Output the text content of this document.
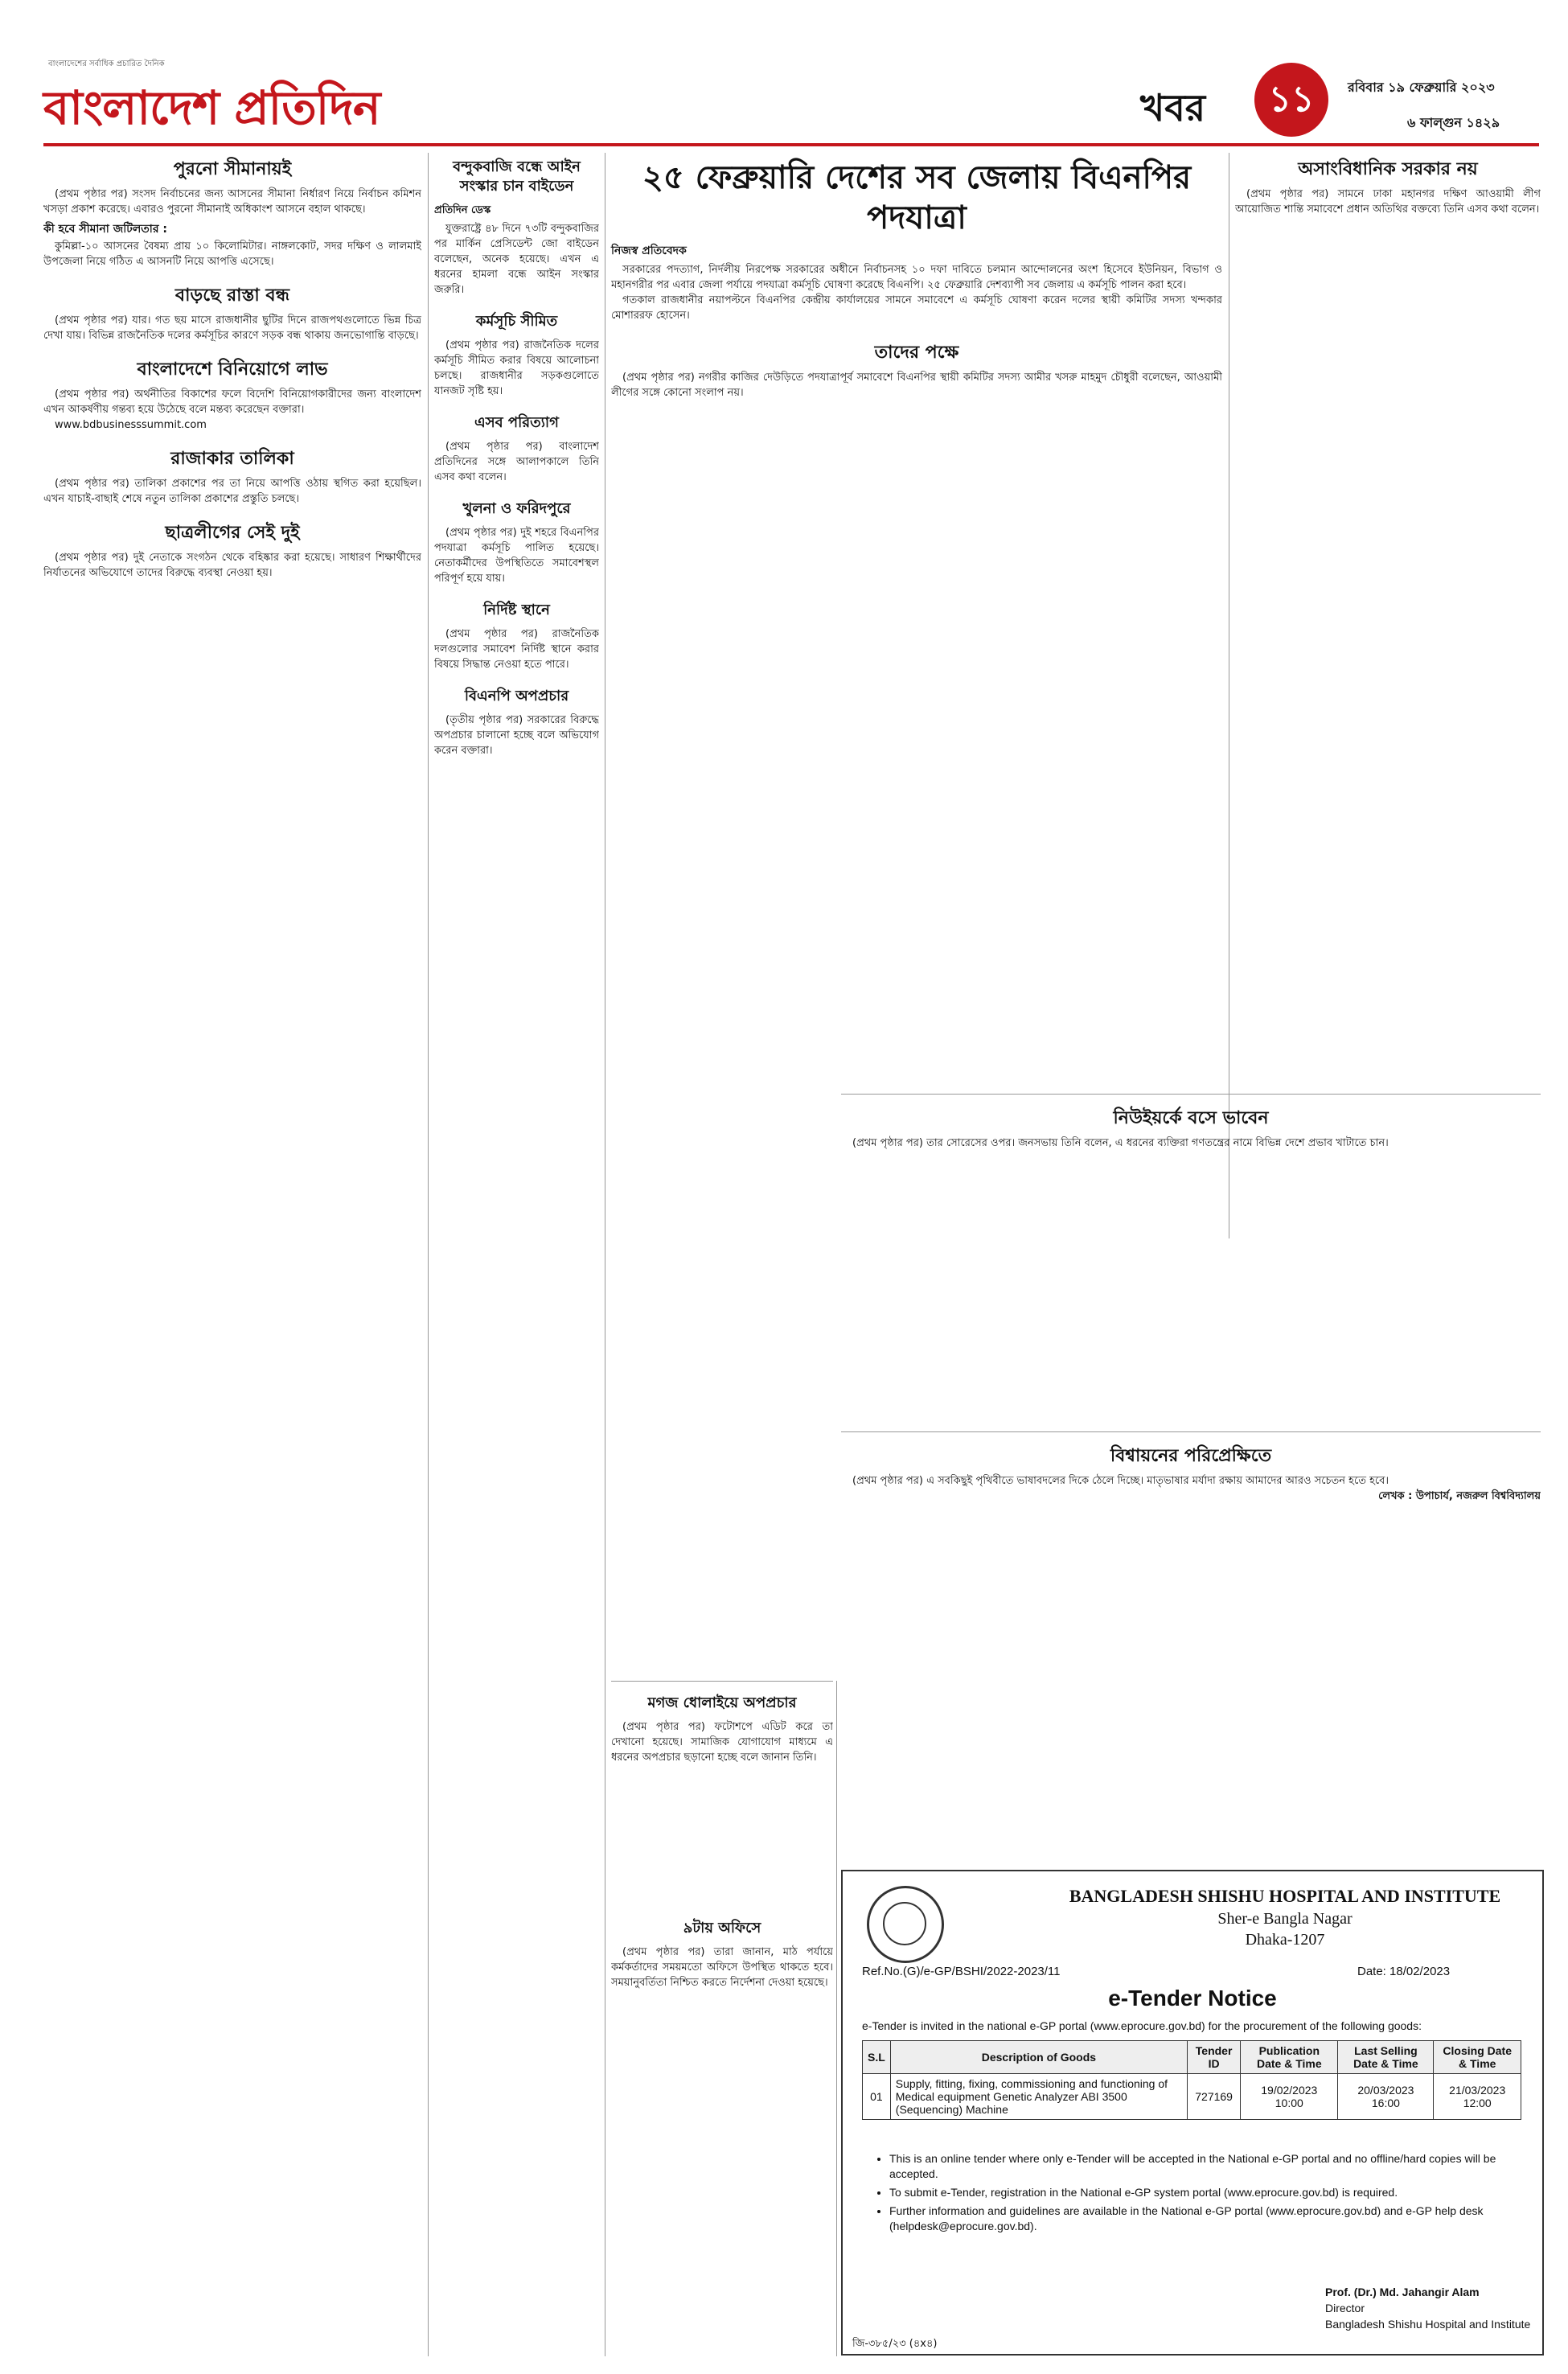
বাংলাদেশের সর্বাধিক প্রচারিত দৈনিক
বাংলাদেশ প্রতিদিন	খবর	১১	রবিবার ১৯ ফেব্রুয়ারি ২০২৩
৬ ফাল্গুন ১৪২৯
২৫ ফেব্রুয়ারি দেশের সব জেলায় বিএনপির পদযাত্রা
নিজস্ব প্রতিবেদক
পুরনো সীমানায়ই

(প্রথম পৃষ্ঠার পর) সংসদ নির্বাচনের জন্য আসনের সীমানা নির্ধারণ নিয়ে নির্বাচন কমিশন খসড়া প্রকাশ করেছে। এবারও পুরনো সীমানাই অধিকাংশ আসনে বহাল থাকছে।

কী হবে সীমানা জটিলতার :

কুমিল্লা-১০ আসনের বৈষম্য প্রায় ১০ কিলোমিটার। নাঙ্গলকোট, সদর দক্ষিণ ও লালমাই উপজেলা নিয়ে গঠিত এ আসনটি নিয়ে আপত্তি এসেছে।

বাড়ছে রাস্তা বন্ধ

(প্রথম পৃষ্ঠার পর) যার। গত ছয় মাসে রাজধানীর ছুটির দিনে রাজপথগুলোতে ভিন্ন চিত্র দেখা যায়। বিভিন্ন রাজনৈতিক দলের কর্মসূচির কারণে সড়ক বন্ধ থাকায় জনভোগান্তি বাড়ছে।

বাংলাদেশে বিনিয়োগে লাভ

(প্রথম পৃষ্ঠার পর) অর্থনীতির বিকাশের ফলে বিদেশি বিনিয়োগকারীদের জন্য বাংলাদেশ এখন আকর্ষণীয় গন্তব্য হয়ে উঠেছে বলে মন্তব্য করেছেন বক্তারা।

www.bdbusinesssummit.com

রাজাকার তালিকা

(প্রথম পৃষ্ঠার পর) তালিকা প্রকাশের পর তা নিয়ে আপত্তি ওঠায় স্থগিত করা হয়েছিল। এখন যাচাই-বাছাই শেষে নতুন তালিকা প্রকাশের প্রস্তুতি চলছে।

ছাত্রলীগের সেই দুই

(প্রথম পৃষ্ঠার পর) দুই নেতাকে সংগঠন থেকে বহিষ্কার করা হয়েছে। সাধারণ শিক্ষার্থীদের নির্যাতনের অভিযোগে তাদের বিরুদ্ধে ব্যবস্থা নেওয়া হয়।

বন্দুকবাজি বন্ধে আইন সংস্কার চান বাইডেন
প্রতিদিন ডেস্ক

যুক্তরাষ্ট্রে ৪৮ দিনে ৭৩টি বন্দুকবাজির পর মার্কিন প্রেসিডেন্ট জো বাইডেন বলেছেন, অনেক হয়েছে। এখন এ ধরনের হামলা বন্ধে আইন সংস্কার জরুরি।

কর্মসূচি সীমিত

(প্রথম পৃষ্ঠার পর) রাজনৈতিক দলের কর্মসূচি সীমিত করার বিষয়ে আলোচনা চলছে। রাজধানীর সড়কগুলোতে যানজট সৃষ্টি হয়।

এসব পরিত্যাগ

(প্রথম পৃষ্ঠার পর) বাংলাদেশ প্রতিদিনের সঙ্গে আলাপকালে তিনি এসব কথা বলেন।

খুলনা ও ফরিদপুরে

(প্রথম পৃষ্ঠার পর) দুই শহরে বিএনপির পদযাত্রা কর্মসূচি পালিত হয়েছে। নেতাকর্মীদের উপস্থিতিতে সমাবেশস্থল পরিপূর্ণ হয়ে যায়।

নির্দিষ্ট স্থানে

(প্রথম পৃষ্ঠার পর) রাজনৈতিক দলগুলোর সমাবেশ নির্দিষ্ট স্থানে করার বিষয়ে সিদ্ধান্ত নেওয়া হতে পারে।

বিএনপি অপপ্রচার

(তৃতীয় পৃষ্ঠার পর) সরকারের বিরুদ্ধে অপপ্রচার চালানো হচ্ছে বলে অভিযোগ করেন বক্তারা।

সরকারের পদত্যাগ, নির্দলীয় নিরপেক্ষ সরকারের অধীনে নির্বাচনসহ ১০ দফা দাবিতে চলমান আন্দোলনের অংশ হিসেবে ইউনিয়ন, বিভাগ ও মহানগরীর পর এবার জেলা পর্যায়ে পদযাত্রা কর্মসূচি ঘোষণা করেছে বিএনপি। ২৫ ফেব্রুয়ারি দেশব্যাপী সব জেলায় এ কর্মসূচি পালন করা হবে।

গতকাল রাজধানীর নয়াপল্টনে বিএনপির কেন্দ্রীয় কার্যালয়ের সামনে সমাবেশে এ কর্মসূচি ঘোষণা করেন দলের স্থায়ী কমিটির সদস্য খন্দকার মোশাররফ হোসেন।

তাদের পক্ষে

(প্রথম পৃষ্ঠার পর) নগরীর কাজির দেউড়িতে পদযাত্রাপূর্ব সমাবেশে বিএনপির স্থায়ী কমিটির সদস্য আমীর খসরু মাহমুদ চৌধুরী বলেছেন, আওয়ামী লীগের সঙ্গে কোনো সংলাপ নয়।

অসাংবিধানিক সরকার নয়

(প্রথম পৃষ্ঠার পর) সামনে ঢাকা মহানগর দক্ষিণ আওয়ামী লীগ আয়োজিত শান্তি সমাবেশে প্রধান অতিথির বক্তব্যে তিনি এসব কথা বলেন।

নিউইয়র্কে বসে ভাবেন

(প্রথম পৃষ্ঠার পর) তার সোরেসের ওপর। জনসভায় তিনি বলেন, এ ধরনের ব্যক্তিরা গণতন্ত্রের নামে বিভিন্ন দেশে প্রভাব খাটাতে চান।

বিশ্বায়নের পরিপ্রেক্ষিতে

(প্রথম পৃষ্ঠার পর) এ সবকিছুই পৃথিবীতে ভাষাবদলের দিকে ঠেলে দিচ্ছে। মাতৃভাষার মর্যাদা রক্ষায় আমাদের আরও সচেতন হতে হবে।

লেখক : উপাচার্য, নজরুল বিশ্ববিদ্যালয়

মগজ ধোলাইয়ে অপপ্রচার

(প্রথম পৃষ্ঠার পর) ফটোশপে এডিট করে তা দেখানো হয়েছে। সামাজিক যোগাযোগ মাধ্যমে এ ধরনের অপপ্রচার ছড়ানো হচ্ছে বলে জানান তিনি।

৯টায় অফিসে

(প্রথম পৃষ্ঠার পর) তারা জানান, মাঠ পর্যায়ে কর্মকর্তাদের সময়মতো অফিসে উপস্থিত থাকতে হবে। সময়ানুবর্তিতা নিশ্চিত করতে নির্দেশনা দেওয়া হয়েছে।

BANGLADESH SHISHU HOSPITAL AND INSTITUTE
Sher-e Bangla Nagar
Dhaka-1207
Ref.No.(G)/e-GP/BSHI/2022-2023/11	Date: 18/02/2023
e-Tender Notice
e-Tender is invited in the national e-GP portal (www.eprocure.gov.bd) for the procurement of the following goods:
S.L	Description of Goods	Tender ID	Publication Date & Time	Last Selling Date & Time	Closing Date & Time
01	Supply, fitting, fixing, commissioning and functioning of Medical equipment Genetic Analyzer ABI 3500 (Sequencing) Machine	727169	19/02/2023 10:00	20/03/2023 16:00	21/03/2023 12:00
• This is an online tender where only e-Tender will be accepted in the National e-GP portal and no offline/hard copies will be accepted.
• To submit e-Tender, registration in the National e-GP system portal (www.eprocure.gov.bd) is required.
• Further information and guidelines are available in the National e-GP portal (www.eprocure.gov.bd) and e-GP help desk (helpdesk@eprocure.gov.bd).
Prof. (Dr.) Md. Jahangir Alam
Director
Bangladesh Shishu Hospital and Institute
জি-৩৮৫/২৩ (৪x৪)
